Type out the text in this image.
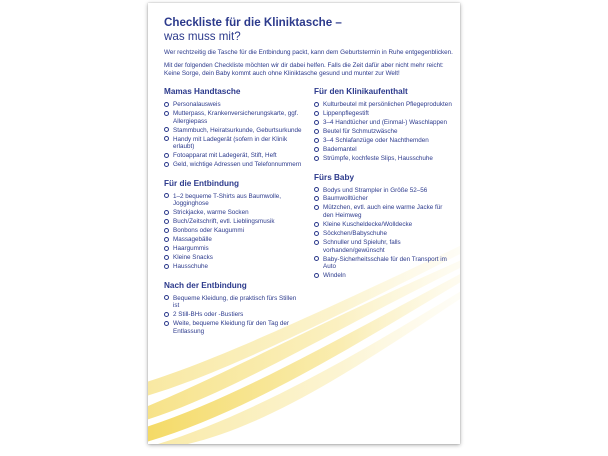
Checkliste für die Kliniktasche –
was muss mit?

Wer rechtzeitig die Tasche für die Entbindung packt, kann dem Geburtstermin in Ruhe entgegenblicken.

Mit der folgenden Checkliste möchten wir dir dabei helfen. Falls die Zeit dafür aber nicht mehr reicht: Keine Sorge, dein Baby kommt auch ohne Kliniktasche gesund und munter zur Welt!

Mamas Handtasche
Personalausweis
Mutterpass, Krankenversicherungskarte, ggf. Allergiepass
Stammbuch, Heiratsurkunde, Geburtsurkunde
Handy mit Ladegerät (sofern in der Klinik erlaubt)
Fotoapparat mit Ladegerät, Stift, Heft
Geld, wichtige Adressen und Telefonnummern
Für die Entbindung
1–2 bequeme T-Shirts aus Baumwolle, Jogginghose
Strickjacke, warme Socken
Buch/Zeitschrift, evtl. Lieblingsmusik
Bonbons oder Kaugummi
Massagebälle
Haargummis
Kleine Snacks
Hausschuhe
Nach der Entbindung
Bequeme Kleidung, die praktisch fürs Stillen ist
2 Still-BHs oder -Bustiers
Weite, bequeme Kleidung für den Tag der Entlassung
Für den Klinikaufenthalt
Kulturbeutel mit persönlichen Pflegeprodukten
Lippenpflegestift
3–4 Handtücher und (Einmal-) Waschlappen
Beutel für Schmutzwäsche
3–4 Schlafanzüge oder Nachthemden
Bademantel
Strümpfe, kochfeste Slips, Hausschuhe
Fürs Baby
Bodys und Strampler in Größe 52–56
Baumwolltücher
Mützchen, evtl. auch eine warme Jacke für den Heimweg
Kleine Kuscheldecke/Wolldecke
Söckchen/Babyschuhe
Schnuller und Spieluhr, falls vorhanden/gewünscht
Baby-Sicherheitsschale für den Transport im Auto
Windeln
